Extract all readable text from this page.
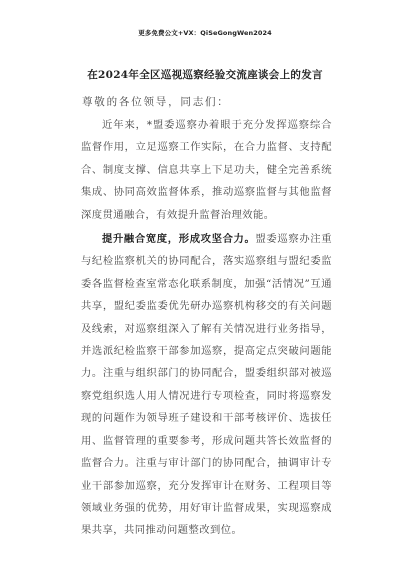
更多免费公文+VX：QiSeGongWen2024
在2024年全区巡视巡察经验交流座谈会上的发言
尊敬的各位领导，同志们：

近年来，*盟委巡察办着眼于充分发挥巡察综合监督作用，立足巡察工作实际，在合力监督、支持配合、制度支撑、信息共享上下足功夫，健全完善系统集成、协同高效监督体系，推动巡察监督与其他监督深度贯通融合，有效提升监督治理效能。

提升融合宽度，形成攻坚合力。盟委巡察办注重与纪检监察机关的协同配合，落实巡察组与盟纪委监委各监督检查室常态化联系制度，加强“活情况”互通共享，盟纪委监委优先研办巡察机构移交的有关问题及线索，对巡察组深入了解有关情况进行业务指导，并选派纪检监察干部参加巡察，提高定点突破问题能力。注重与组织部门的协同配合，盟委组织部对被巡察党组织选人用人情况进行专项检查，同时将巡察发现的问题作为领导班子建设和干部考核评价、选拔任用、监督管理的重要参考，形成问题共答长效监督的监督合力。注重与审计部门的协同配合，抽调审计专业干部参加巡察，充分发挥审计在财务、工程项目等领域业务强的优势，用好审计监督成果，实现巡察成果共享，共同推动问题整改到位。
